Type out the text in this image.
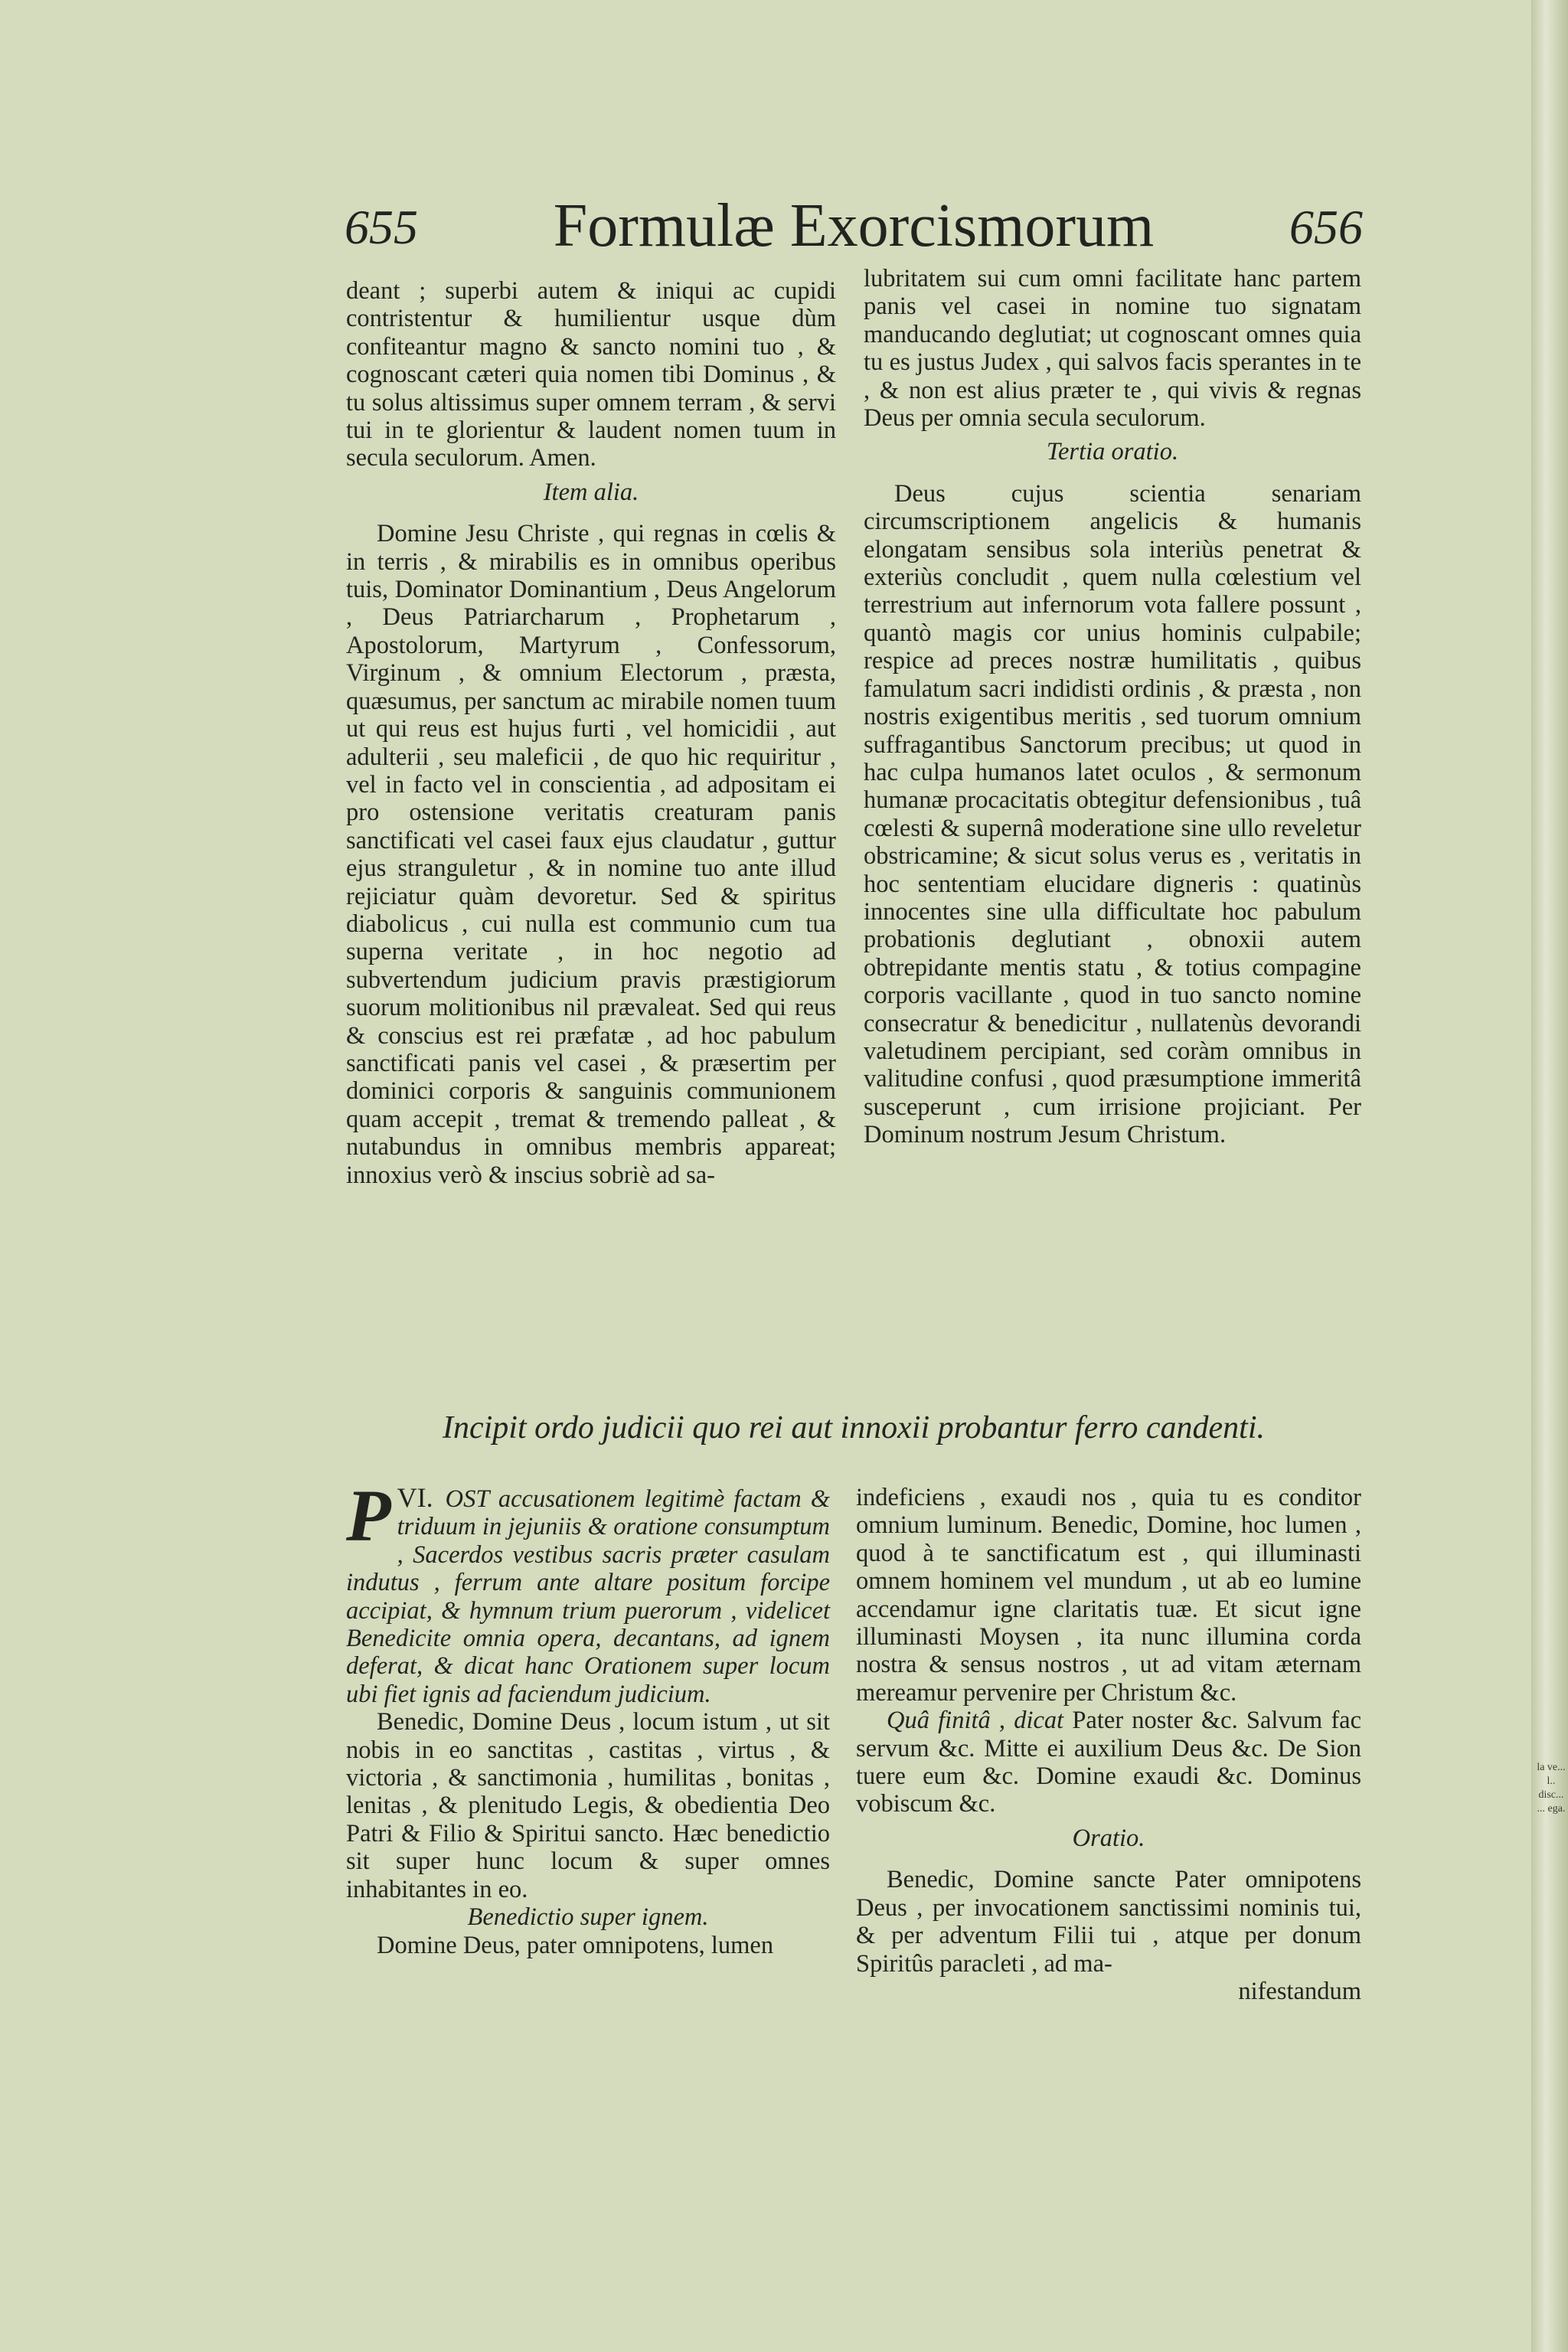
655 Formulæ Exorcismorum	656

deant ; superbi autem & iniqui ac cupidi contristentur & humilientur usque dùm confiteantur magno & sancto nomini tuo , & cognoscant cæteri quia nomen tibi Dominus , & tu solus altissimus super omnem terram , & servi tui in te glorientur & laudent nomen tuum in secula seculorum. Amen.

Item alia.

Domine Jesu Christe , qui regnas in cœlis & in terris , & mirabilis es in omnibus operibus tuis, Dominator Dominantium , Deus Angelorum , Deus Patriarcharum , Prophetarum , Apostolorum, Martyrum , Confessorum, Virginum , & omnium Electorum , præsta, quæsumus, per sanctum ac mirabile nomen tuum ut qui reus est hujus furti , vel homicidii , aut adulterii , seu maleficii , de quo hic requiritur , vel in facto vel in conscientia , ad adpositam ei pro ostensione veritatis creaturam panis sanctificati vel casei faux ejus claudatur , guttur ejus stranguletur , & in nomine tuo ante illud rejiciatur quàm devoretur. Sed & spiritus diabolicus , cui nulla est communio cum tua superna veritate , in hoc negotio ad subvertendum judicium pravis præstigiorum suorum molitionibus nil prævaleat. Sed qui reus & conscius est rei præfatæ , ad hoc pabulum sanctificati panis vel casei , & præsertim per dominici corporis & sanguinis communionem quam accepit , tremat & tremendo palleat , & nutabundus in omnibus membris appareat; innoxius verò & inscius sobriè ad sa-

lubritatem sui cum omni facilitate hanc partem panis vel casei in nomine tuo signatam manducando deglutiat; ut cognoscant omnes quia tu es justus Judex , qui salvos facis sperantes in te , & non est alius præter te , qui vivis & regnas Deus per omnia secula seculorum.

Tertia oratio.

Deus cujus scientia senariam circumscriptionem angelicis & humanis elongatam sensibus sola interiùs penetrat & exteriùs concludit , quem nulla cœlestium vel terrestrium aut infernorum vota fallere possunt , quantò magis cor unius hominis culpabile; respice ad preces nostræ humilitatis , quibus famulatum sacri indidisti ordinis , & præsta , non nostris exigentibus meritis , sed tuorum omnium suffragantibus Sanctorum precibus; ut quod in hac culpa humanos latet oculos , & sermonum humanæ procacitatis obtegitur defensionibus , tuâ cœlesti & supernâ moderatione sine ullo reveletur obstricamine; & sicut solus verus es , veritatis in hoc sententiam elucidare digneris : quatinùs innocentes sine ulla difficultate hoc pabulum probationis deglutiant , obnoxii autem obtrepidante mentis statu , & totius compagine corporis vacillante , quod in tuo sancto nomine consecratur & benedicitur , nullatenùs devorandi valetudinem percipiant, sed coràm omnibus in valitudine confusi , quod præsumptione immeritâ susceperunt , cum irrisione projiciant. Per Dominum nostrum Jesum Christum.

Incipit ordo judicii quo rei aut innoxii probantur ferro candenti.

VI.
P OST accusationem legitimè factam & triduum in jejuniis & oratione consumptum , Sacerdos vestibus sacris præter casulam indutus , ferrum ante altare positum forcipe accipiat, & hymnum trium puerorum , videlicet Benedicite omnia opera, decantans, ad ignem deferat, & dicat hanc Orationem super locum ubi fiet ignis ad faciendum judicium.

Benedic, Domine Deus , locum istum , ut sit nobis in eo sanctitas , castitas , virtus , & victoria , & sanctimonia , humilitas , bonitas , lenitas , & plenitudo Legis, & obedientia Deo Patri & Filio & Spiritui sancto. Hæc benedictio sit super hunc locum & super omnes inhabitantes in eo.

Benedictio super ignem.

Domine Deus, pater omnipotens, lumen

indeficiens , exaudi nos , quia tu es conditor omnium luminum. Benedic, Domine, hoc lumen , quod à te sanctificatum est , qui illuminasti omnem hominem vel mundum , ut ab eo lumine accendamur igne claritatis tuæ. Et sicut igne illuminasti Moysen , ita nunc illumina corda nostra & sensus nostros , ut ad vitam æternam mereamur pervenire per Christum &c.

Quâ finitâ , dicat Pater noster &c. Salvum fac servum &c. Mitte ei auxilium Deus &c. De Sion tuere eum &c. Domine exaudi &c. Dominus vobiscum &c.

Oratio.

Benedic, Domine sancte Pater omnipotens Deus , per invocationem sanctissimi nominis tui, & per adventum Filii tui , atque per donum Spiritûs paracleti , ad ma-

nifestandum

la ve... l.. disc... ... ega.
